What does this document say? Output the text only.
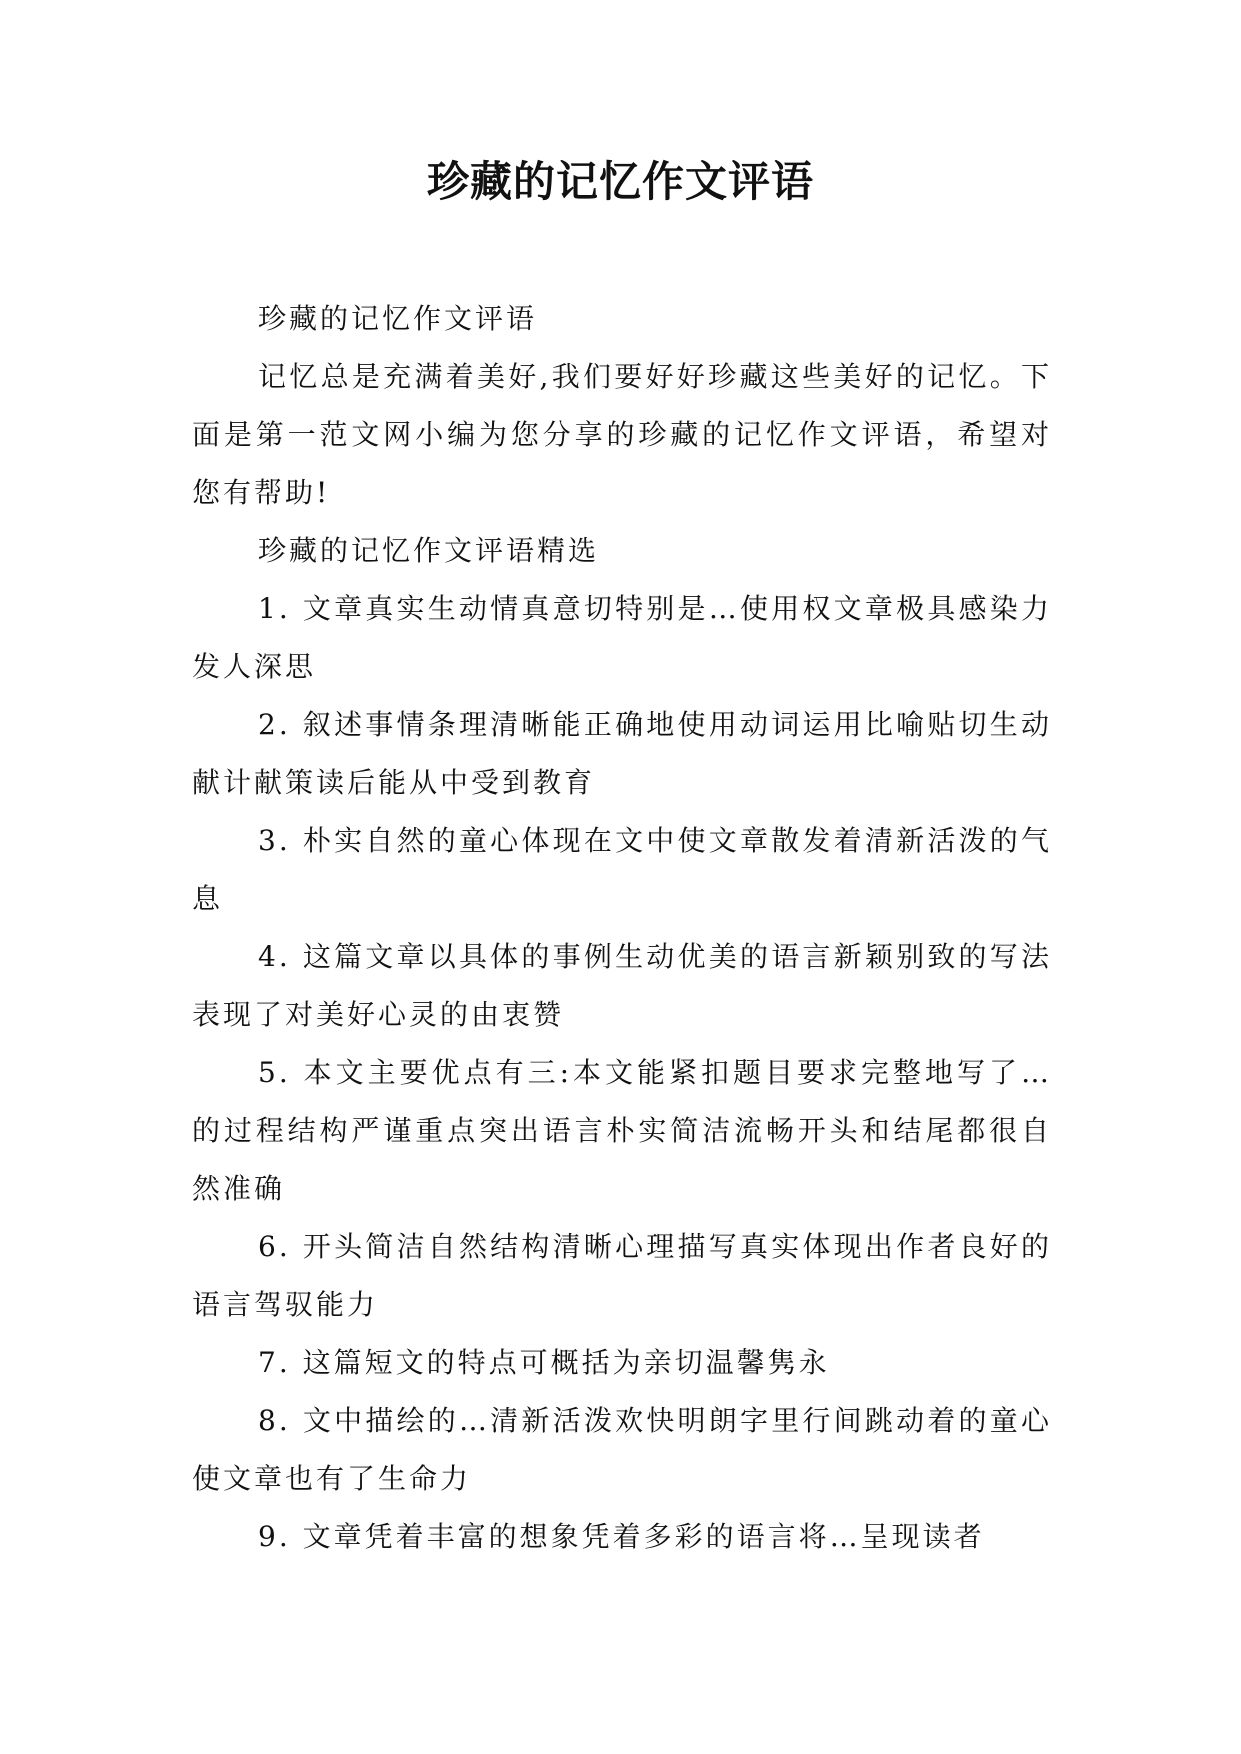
珍藏的记忆作文评语

珍藏的记忆作文评语

记忆总是充满着美好,我们要好好珍藏这些美好的记忆。下面是第一范文网小编为您分享的珍藏的记忆作文评语，希望对您有帮助!

珍藏的记忆作文评语精选

1. 文章真实生动情真意切特别是…使用权文章极具感染力发人深思

2. 叙述事情条理清晰能正确地使用动词运用比喻贴切生动献计献策读后能从中受到教育

3. 朴实自然的童心体现在文中使文章散发着清新活泼的气息

4. 这篇文章以具体的事例生动优美的语言新颖别致的写法表现了对美好心灵的由衷赞

5. 本文主要优点有三:本文能紧扣题目要求完整地写了…的过程结构严谨重点突出语言朴实简洁流畅开头和结尾都很自然准确

6. 开头简洁自然结构清晰心理描写真实体现出作者良好的语言驾驭能力

7. 这篇短文的特点可概括为亲切温馨隽永

8. 文中描绘的…清新活泼欢快明朗字里行间跳动着的童心使文章也有了生命力

9. 文章凭着丰富的想象凭着多彩的语言将…呈现读者
